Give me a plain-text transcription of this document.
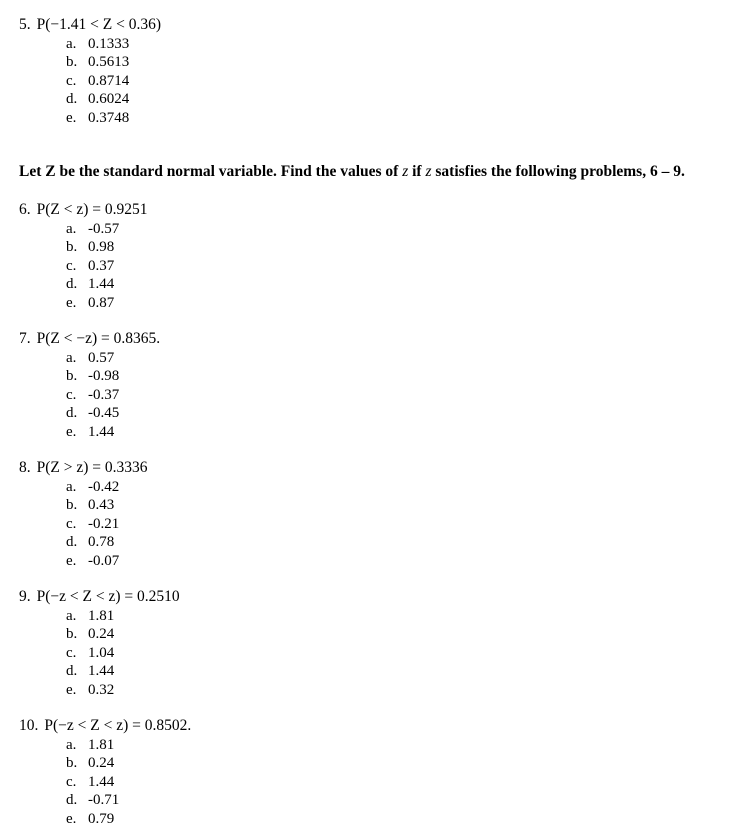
5. P(−1.41 < Z < 0.36)
a. 0.1333
b. 0.5613
c. 0.8714
d. 0.6024
e. 0.3748
Let Z be the standard normal variable. Find the values of z if z satisfies the following problems, 6 – 9.
6. P(Z < z) = 0.9251
a. -0.57
b. 0.98
c. 0.37
d. 1.44
e. 0.87
7. P(Z < −z) = 0.8365.
a. 0.57
b. -0.98
c. -0.37
d. -0.45
e. 1.44
8. P(Z > z) = 0.3336
a. -0.42
b. 0.43
c. -0.21
d. 0.78
e. -0.07
9. P(−z < Z < z) = 0.2510
a. 1.81
b. 0.24
c. 1.04
d. 1.44
e. 0.32
10. P(−z < Z < z) = 0.8502.
a. 1.81
b. 0.24
c. 1.44
d. -0.71
e. 0.79
